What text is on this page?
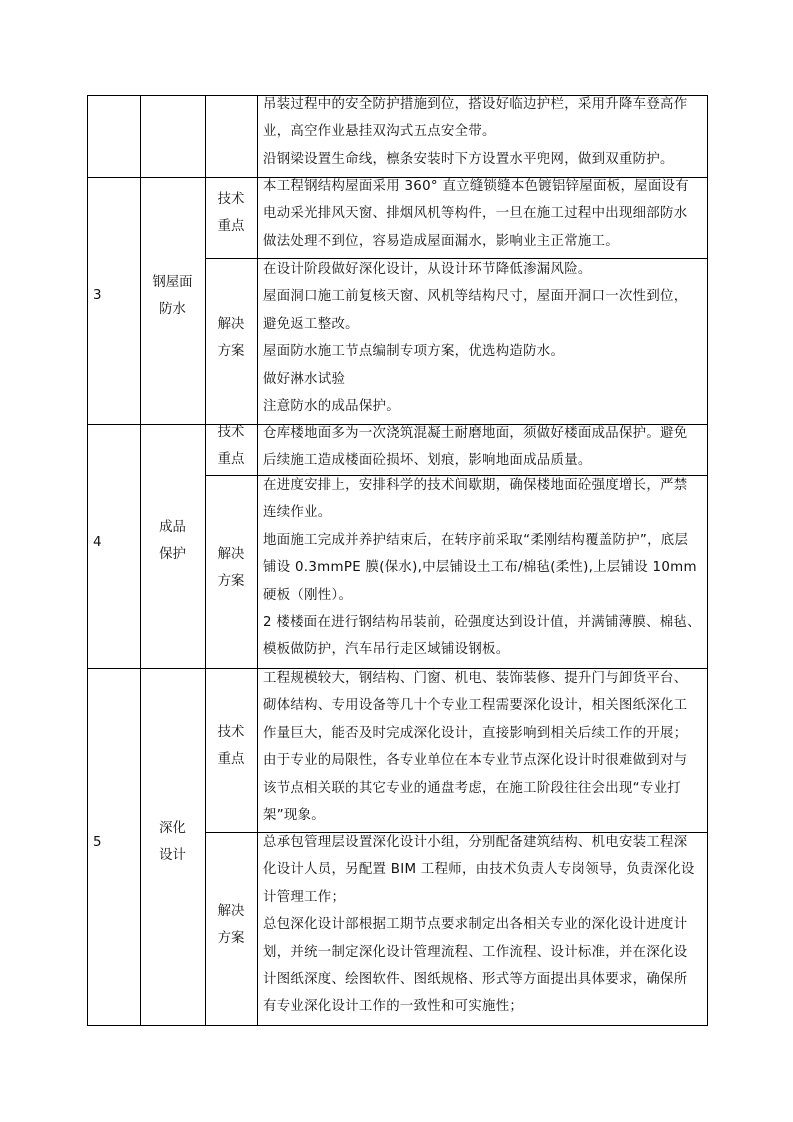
吊装过程中的安全防护措施到位，搭设好临边护栏，采用升降车登高作
业，高空作业悬挂双沟式五点安全带。
沿钢梁设置生命线，檩条安装时下方设置水平兜网，做到双重防护。
3
钢屋面
防水
技术
重点
本工程钢结构屋面采用 360° 直立缝锁缝本色镀铝锌屋面板，屋面设有
电动采光排风天窗、排烟风机等构件，一旦在施工过程中出现细部防水
做法处理不到位，容易造成屋面漏水，影响业主正常施工。
解决
方案
在设计阶段做好深化设计，从设计环节降低渗漏风险。
屋面洞口施工前复核天窗、风机等结构尺寸，屋面开洞口一次性到位，
避免返工整改。
屋面防水施工节点编制专项方案，优选构造防水。
做好淋水试验
注意防水的成品保护。
4
成品
保护
技术
重点
仓库楼地面多为一次浇筑混凝土耐磨地面，须做好楼面成品保护。避免
后续施工造成楼面砼损坏、划痕，影响地面成品质量。
解决
方案
在进度安排上，安排科学的技术间歇期，确保楼地面砼强度增长，严禁
连续作业。
地面施工完成并养护结束后，在转序前采取“柔刚结构覆盖防护”，底层
铺设 0.3mmPE 膜(保水),中层铺设土工布/棉毡(柔性),上层铺设 10mm
硬板（刚性）。
2 楼楼面在进行钢结构吊装前，砼强度达到设计值，并满铺薄膜、棉毡、
模板做防护，汽车吊行走区域铺设钢板。
5
深化
设计
技术
重点
工程规模较大，钢结构、门窗、机电、装饰装修、提升门与卸货平台、
砌体结构、专用设备等几十个专业工程需要深化设计，相关图纸深化工
作量巨大，能否及时完成深化设计，直接影响到相关后续工作的开展；
由于专业的局限性，各专业单位在本专业节点深化设计时很难做到对与
该节点相关联的其它专业的通盘考虑，在施工阶段往往会出现“专业打
架”现象。
解决
方案
总承包管理层设置深化设计小组，分别配备建筑结构、机电安装工程深
化设计人员，另配置 BIM 工程师，由技术负责人专岗领导，负责深化设
计管理工作；
总包深化设计部根据工期节点要求制定出各相关专业的深化设计进度计
划，并统一制定深化设计管理流程、工作流程、设计标准，并在深化设
计图纸深度、绘图软件、图纸规格、形式等方面提出具体要求，确保所
有专业深化设计工作的一致性和可实施性；
